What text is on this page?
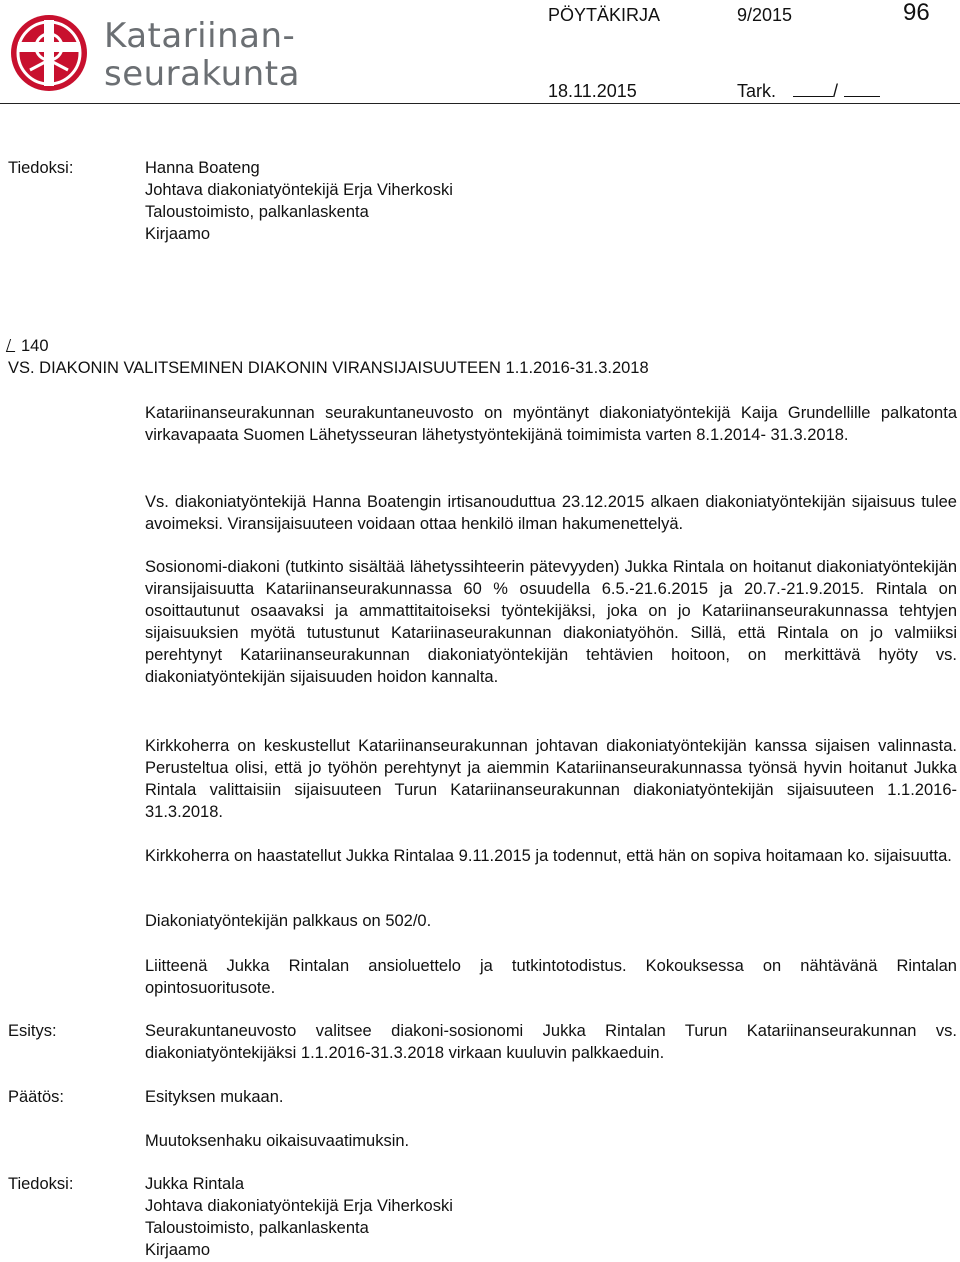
Katariinan-
seurakunta
PÖYTÄKIRJA	9/2015	96
18.11.2015	Tark.	/
Tiedoksi:	Hanna Boateng
Johtava diakoniatyöntekijä Erja Viherkoski
Taloustoimisto, palkanlaskenta
Kirjaamo
140
VS. DIAKONIN VALITSEMINEN DIAKONIN VIRANSIJAISUUTEEN 1.1.2016-31.3.2018
Katariinanseurakunnan seurakuntaneuvosto on myöntänyt diakoniatyöntekijä Kaija Grundellille palkatonta virkavapaata Suomen Lähetysseuran lähetystyöntekijänä toimimista varten 8.1.2014- 31.3.2018.
Vs. diakoniatyöntekijä Hanna Boatengin irtisanouduttua 23.12.2015 alkaen diakoniatyöntekijän sijaisuus tulee avoimeksi. Viransijaisuuteen voidaan ottaa henkilö ilman hakumenettelyä.
Sosionomi-diakoni (tutkinto sisältää lähetyssihteerin pätevyyden) Jukka Rintala on hoitanut diakoniatyöntekijän viransijaisuutta Katariinanseurakunnassa 60 % osuudella 6.5.-21.6.2015 ja 20.7.-21.9.2015. Rintala on osoittautunut osaavaksi ja ammattitaitoiseksi työntekijäksi, joka on jo Katariinanseurakunnassa tehtyjen sijaisuuksien myötä tutustunut Katariinaseurakunnan diakoniatyöhön. Sillä, että Rintala on jo valmiiksi perehtynyt Katariinanseurakunnan diakoniatyöntekijän tehtävien hoitoon, on merkittävä hyöty vs. diakoniatyöntekijän sijaisuuden hoidon kannalta.
Kirkkoherra on keskustellut Katariinanseurakunnan johtavan diakoniatyöntekijän kanssa sijaisen valinnasta. Perusteltua olisi, että jo työhön perehtynyt ja aiemmin Katariinanseurakunnassa työnsä hyvin hoitanut Jukka Rintala valittaisiin sijaisuuteen Turun Katariinanseurakunnan diakoniatyöntekijän sijaisuuteen 1.1.2016-31.3.2018.
Kirkkoherra on haastatellut Jukka Rintalaa 9.11.2015 ja todennut, että hän on sopiva hoitamaan ko. sijaisuutta.
Diakoniatyöntekijän palkkaus on 502/0.
Liitteenä Jukka Rintalan ansioluettelo ja tutkintotodistus. Kokouksessa on nähtävänä Rintalan opintosuoritusote.
Esitys:	Seurakuntaneuvosto valitsee diakoni-sosionomi Jukka Rintalan Turun Katariinanseurakunnan vs. diakoniatyöntekijäksi 1.1.2016-31.3.2018 virkaan kuuluvin palkkaeduin.
Päätös:	Esityksen mukaan.
Muutoksenhaku oikaisuvaatimuksin.
Tiedoksi:	Jukka Rintala
Johtava diakoniatyöntekijä Erja Viherkoski
Taloustoimisto, palkanlaskenta
Kirjaamo
